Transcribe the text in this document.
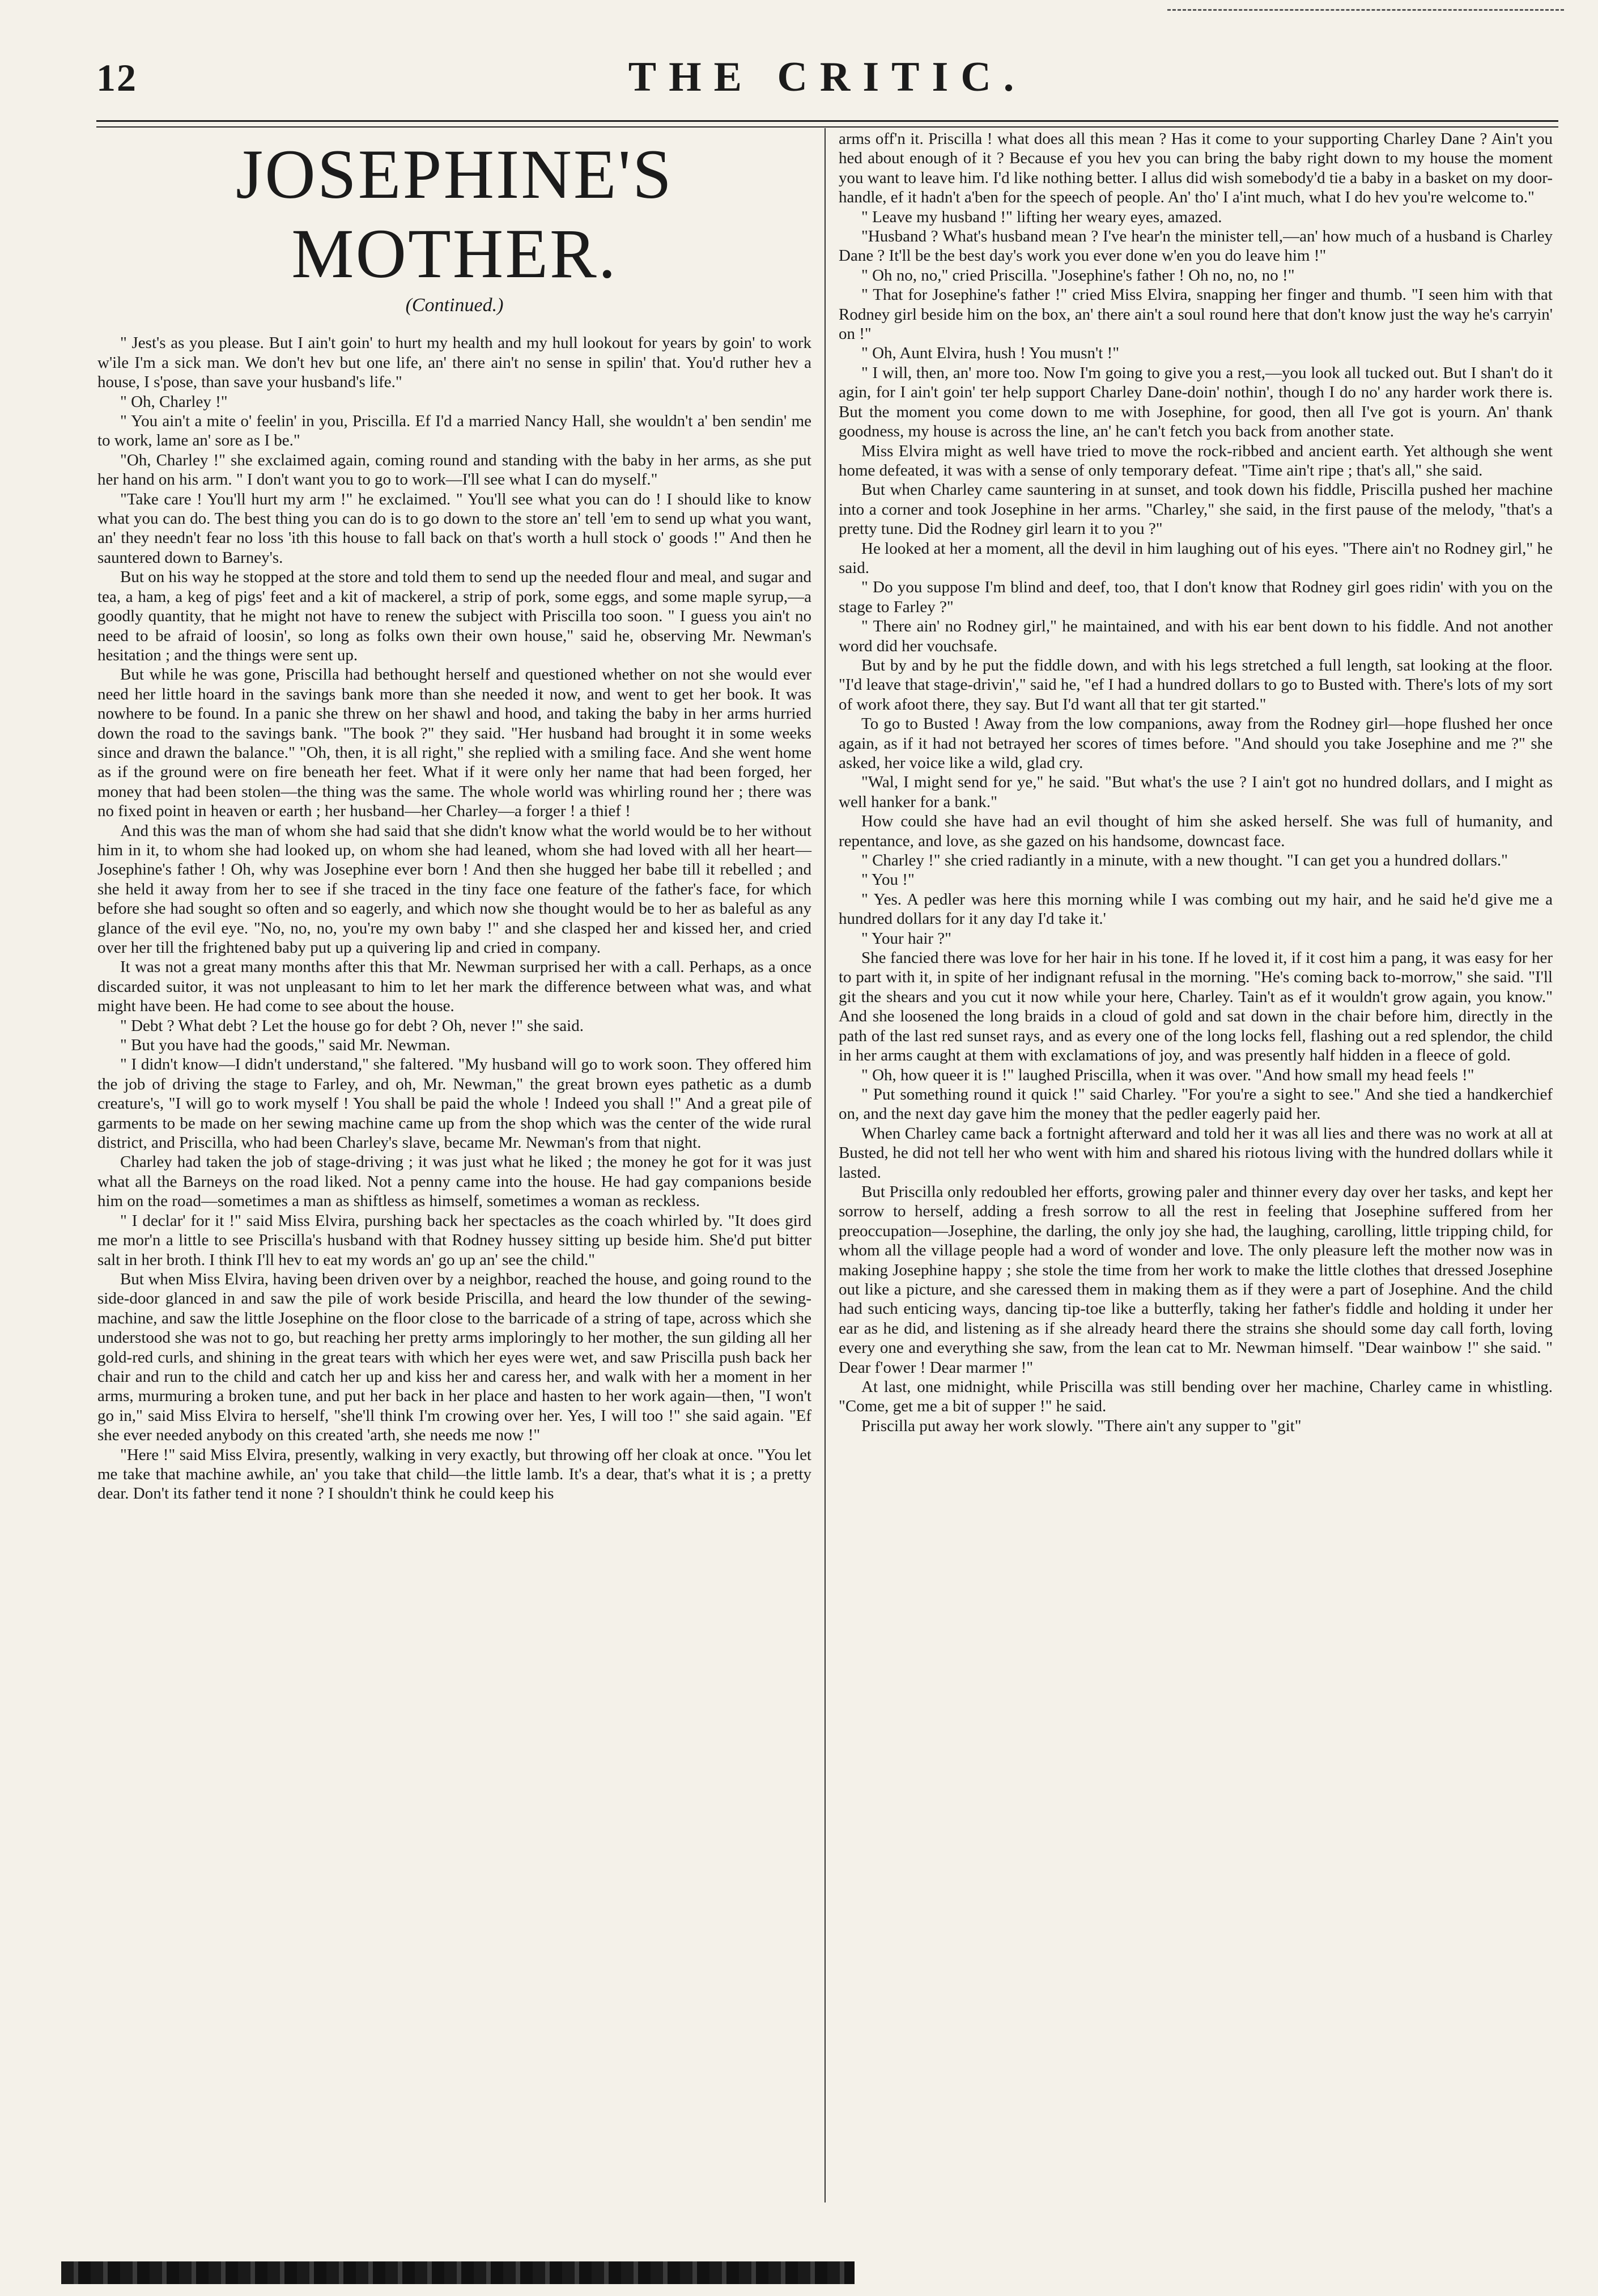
12	THE CRITIC.
JOSEPHINE'S MOTHER.
(Continued.)

" Jest's as you please. But I ain't goin' to hurt my health and my hull lookout for years by goin' to work w'ile I'm a sick man. We don't hev but one life, an' there ain't no sense in spilin' that. You'd ruther hev a house, I s'pose, than save your husband's life."

" Oh, Charley !"

" You ain't a mite o' feelin' in you, Priscilla. Ef I'd a married Nancy Hall, she wouldn't a' ben sendin' me to work, lame an' sore as I be."

"Oh, Charley !" she exclaimed again, coming round and standing with the baby in her arms, as she put her hand on his arm. " I don't want you to go to work—I'll see what I can do myself."

"Take care ! You'll hurt my arm !" he exclaimed. " You'll see what you can do ! I should like to know what you can do. The best thing you can do is to go down to the store an' tell 'em to send up what you want, an' they needn't fear no loss 'ith this house to fall back on that's worth a hull stock o' goods !" And then he sauntered down to Barney's.

But on his way he stopped at the store and told them to send up the needed flour and meal, and sugar and tea, a ham, a keg of pigs' feet and a kit of mackerel, a strip of pork, some eggs, and some maple syrup,—a goodly quantity, that he might not have to renew the subject with Priscilla too soon. " I guess you ain't no need to be afraid of loosin', so long as folks own their own house," said he, observing Mr. Newman's hesitation ; and the things were sent up.

But while he was gone, Priscilla had bethought herself and questioned whether on not she would ever need her little hoard in the savings bank more than she needed it now, and went to get her book. It was nowhere to be found. In a panic she threw on her shawl and hood, and taking the baby in her arms hurried down the road to the savings bank. "The book ?" they said. "Her husband had brought it in some weeks since and drawn the balance." "Oh, then, it is all right," she replied with a smiling face. And she went home as if the ground were on fire beneath her feet. What if it were only her name that had been forged, her money that had been stolen—the thing was the same. The whole world was whirling round her ; there was no fixed point in heaven or earth ; her husband—her Charley—a forger ! a thief !

And this was the man of whom she had said that she didn't know what the world would be to her without him in it, to whom she had looked up, on whom she had leaned, whom she had loved with all her heart—Josephine's father ! Oh, why was Josephine ever born ! And then she hugged her babe till it rebelled ; and she held it away from her to see if she traced in the tiny face one feature of the father's face, for which before she had sought so often and so eagerly, and which now she thought would be to her as baleful as any glance of the evil eye. "No, no, no, you're my own baby !" and she clasped her and kissed her, and cried over her till the frightened baby put up a quivering lip and cried in company.

It was not a great many months after this that Mr. Newman surprised her with a call. Perhaps, as a once discarded suitor, it was not unpleasant to him to let her mark the difference between what was, and what might have been. He had come to see about the house.

" Debt ? What debt ? Let the house go for debt ? Oh, never !" she said.

" But you have had the goods," said Mr. Newman.

" I didn't know—I didn't understand," she faltered. "My husband will go to work soon. They offered him the job of driving the stage to Farley, and oh, Mr. Newman," the great brown eyes pathetic as a dumb creature's, "I will go to work myself ! You shall be paid the whole ! Indeed you shall !" And a great pile of garments to be made on her sewing machine came up from the shop which was the center of the wide rural district, and Priscilla, who had been Charley's slave, became Mr. Newman's from that night.

Charley had taken the job of stage-driving ; it was just what he liked ; the money he got for it was just what all the Barneys on the road liked. Not a penny came into the house. He had gay companions beside him on the road—sometimes a man as shiftless as himself, sometimes a woman as reckless.

" I declar' for it !" said Miss Elvira, purshing back her spectacles as the coach whirled by. "It does gird me mor'n a little to see Priscilla's husband with that Rodney hussey sitting up beside him. She'd put bitter salt in her broth. I think I'll hev to eat my words an' go up an' see the child."

But when Miss Elvira, having been driven over by a neighbor, reached the house, and going round to the side-door glanced in and saw the pile of work beside Priscilla, and heard the low thunder of the sewing-machine, and saw the little Josephine on the floor close to the barricade of a string of tape, across which she understood she was not to go, but reaching her pretty arms imploringly to her mother, the sun gilding all her gold-red curls, and shining in the great tears with which her eyes were wet, and saw Priscilla push back her chair and run to the child and catch her up and kiss her and caress her, and walk with her a moment in her arms, murmuring a broken tune, and put her back in her place and hasten to her work again—then, "I won't go in," said Miss Elvira to herself, "she'll think I'm crowing over her. Yes, I will too !" she said again. "Ef she ever needed anybody on this created 'arth, she needs me now !"

"Here !" said Miss Elvira, presently, walking in very exactly, but throwing off her cloak at once. "You let me take that machine awhile, an' you take that child—the little lamb. It's a dear, that's what it is ; a pretty dear. Don't its father tend it none ? I shouldn't think he could keep his

arms off'n it. Priscilla ! what does all this mean ? Has it come to your supporting Charley Dane ? Ain't you hed about enough of it ? Because ef you hev you can bring the baby right down to my house the moment you want to leave him. I'd like nothing better. I allus did wish somebody'd tie a baby in a basket on my door-handle, ef it hadn't a'ben for the speech of people. An' tho' I a'int much, what I do hev you're welcome to."

" Leave my husband !" lifting her weary eyes, amazed.

"Husband ? What's husband mean ? I've hear'n the minister tell,—an' how much of a husband is Charley Dane ? It'll be the best day's work you ever done w'en you do leave him !"

" Oh no, no," cried Priscilla. "Josephine's father ! Oh no, no, no !"

" That for Josephine's father !" cried Miss Elvira, snapping her finger and thumb. "I seen him with that Rodney girl beside him on the box, an' there ain't a soul round here that don't know just the way he's carryin' on !"

" Oh, Aunt Elvira, hush ! You musn't !"

" I will, then, an' more too. Now I'm going to give you a rest,—you look all tucked out. But I shan't do it agin, for I ain't goin' ter help support Charley Dane-doin' nothin', though I do no' any harder work there is. But the moment you come down to me with Josephine, for good, then all I've got is yourn. An' thank goodness, my house is across the line, an' he can't fetch you back from another state.

Miss Elvira might as well have tried to move the rock-ribbed and ancient earth. Yet although she went home defeated, it was with a sense of only temporary defeat. "Time ain't ripe ; that's all," she said.

But when Charley came sauntering in at sunset, and took down his fiddle, Priscilla pushed her machine into a corner and took Josephine in her arms. "Charley," she said, in the first pause of the melody, "that's a pretty tune. Did the Rodney girl learn it to you ?"

He looked at her a moment, all the devil in him laughing out of his eyes. "There ain't no Rodney girl," he said.

" Do you suppose I'm blind and deef, too, that I don't know that Rodney girl goes ridin' with you on the stage to Farley ?"

" There ain' no Rodney girl," he maintained, and with his ear bent down to his fiddle. And not another word did her vouchsafe.

But by and by he put the fiddle down, and with his legs stretched a full length, sat looking at the floor. "I'd leave that stage-drivin'," said he, "ef I had a hundred dollars to go to Busted with. There's lots of my sort of work afoot there, they say. But I'd want all that ter git started."

To go to Busted ! Away from the low companions, away from the Rodney girl—hope flushed her once again, as if it had not betrayed her scores of times before. "And should you take Josephine and me ?" she asked, her voice like a wild, glad cry.

"Wal, I might send for ye," he said. "But what's the use ? I ain't got no hundred dollars, and I might as well hanker for a bank."

How could she have had an evil thought of him she asked herself. She was full of humanity, and repentance, and love, as she gazed on his handsome, downcast face.

" Charley !" she cried radiantly in a minute, with a new thought. "I can get you a hundred dollars."

" You !"

" Yes. A pedler was here this morning while I was combing out my hair, and he said he'd give me a hundred dollars for it any day I'd take it.'

" Your hair ?"

She fancied there was love for her hair in his tone. If he loved it, if it cost him a pang, it was easy for her to part with it, in spite of her indignant refusal in the morning. "He's coming back to-morrow," she said. "I'll git the shears and you cut it now while your here, Charley. Tain't as ef it wouldn't grow again, you know." And she loosened the long braids in a cloud of gold and sat down in the chair before him, directly in the path of the last red sunset rays, and as every one of the long locks fell, flashing out a red splendor, the child in her arms caught at them with exclamations of joy, and was presently half hidden in a fleece of gold.

" Oh, how queer it is !" laughed Priscilla, when it was over. "And how small my head feels !"

" Put something round it quick !" said Charley. "For you're a sight to see." And she tied a handkerchief on, and the next day gave him the money that the pedler eagerly paid her.

When Charley came back a fortnight afterward and told her it was all lies and there was no work at all at Busted, he did not tell her who went with him and shared his riotous living with the hundred dollars while it lasted.

But Priscilla only redoubled her efforts, growing paler and thinner every day over her tasks, and kept her sorrow to herself, adding a fresh sorrow to all the rest in feeling that Josephine suffered from her preoccupation—Josephine, the darling, the only joy she had, the laughing, carolling, little tripping child, for whom all the village people had a word of wonder and love. The only pleasure left the mother now was in making Josephine happy ; she stole the time from her work to make the little clothes that dressed Josephine out like a picture, and she caressed them in making them as if they were a part of Josephine. And the child had such enticing ways, dancing tip-toe like a butterfly, taking her father's fiddle and holding it under her ear as he did, and listening as if she already heard there the strains she should some day call forth, loving every one and everything she saw, from the lean cat to Mr. Newman himself. "Dear wainbow !" she said. " Dear f'ower ! Dear marmer !"

At last, one midnight, while Priscilla was still bending over her machine, Charley came in whistling. "Come, get me a bit of supper !" he said.

Priscilla put away her work slowly. "There ain't any supper to "git"
